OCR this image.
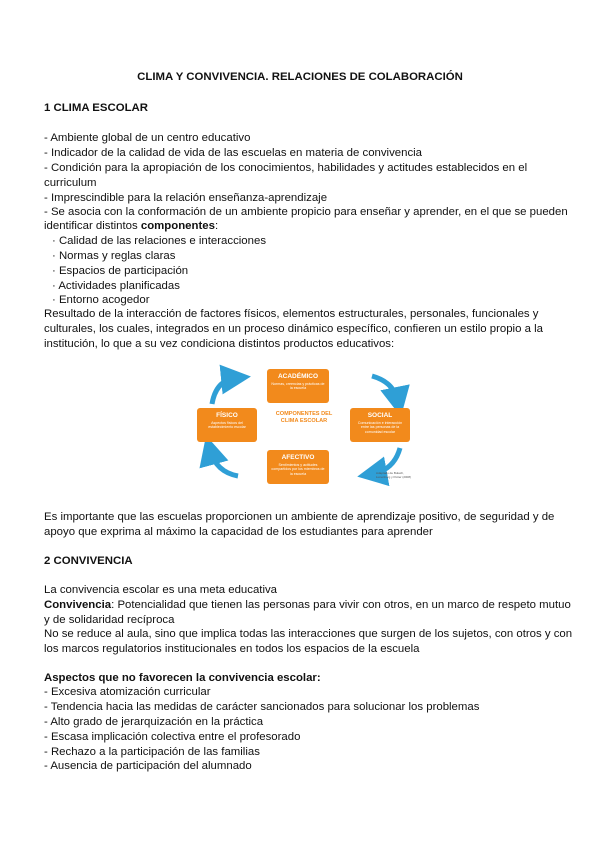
CLIMA Y CONVIVENCIA. RELACIONES DE COLABORACIÓN

1 CLIMA ESCOLAR

- Ambiente global de un centro educativo

- Indicador de la calidad de vida de las escuelas en materia de convivencia

- Condición para la apropiación de los conocimientos, habilidades y actitudes establecidos en el

curriculum

- Imprescindible para la relación enseñanza-aprendizaje

- Se asocia con la conformación de un ambiente propicio para enseñar y aprender, en el que se pueden

identificar distintos componentes:

· Calidad de las relaciones e interacciones

· Normas y reglas claras

· Espacios de participación

· Actividades planificadas

· Entorno acogedor

Resultado de la interacción de factores físicos, elementos estructurales, personales, funcionales y

culturales, los cuales, integrados en un proceso dinámico específico, confieren un estilo propio a la

institución, lo que a su vez condiciona distintos productos educativos:

ACADÉMICO
Normas, creencias y prácticas de la escuela
SOCIAL
Comunicación e interacción entre las personas de la comunidad escolar
AFECTIVO
Sentimientos y actitudes compartidos por los miembros de la escuela
FÍSICO
Aspectos físicos del establecimiento escolar
COMPONENTES DEL CLIMA ESCOLAR
Adaptado de Bulach, Lunenburg y Potter (2008)

Es importante que las escuelas proporcionen un ambiente de aprendizaje positivo, de seguridad y de

apoyo que exprima al máximo la capacidad de los estudiantes para aprender

2 CONVIVENCIA

La convivencia escolar es una meta educativa

Convivencia: Potencialidad que tienen las personas para vivir con otros, en un marco de respeto mutuo

y de solidaridad recíproca

No se reduce al aula, sino que implica todas las interacciones que surgen de los sujetos, con otros y con

los marcos regulatorios institucionales en todos los espacios de la escuela

Aspectos que no favorecen la convivencia escolar:

- Excesiva atomización curricular

- Tendencia hacia las medidas de carácter sancionados para solucionar los problemas

- Alto grado de jerarquización en la práctica

- Escasa implicación colectiva entre el profesorado

- Rechazo a la participación de las familias

- Ausencia de participación del alumnado
